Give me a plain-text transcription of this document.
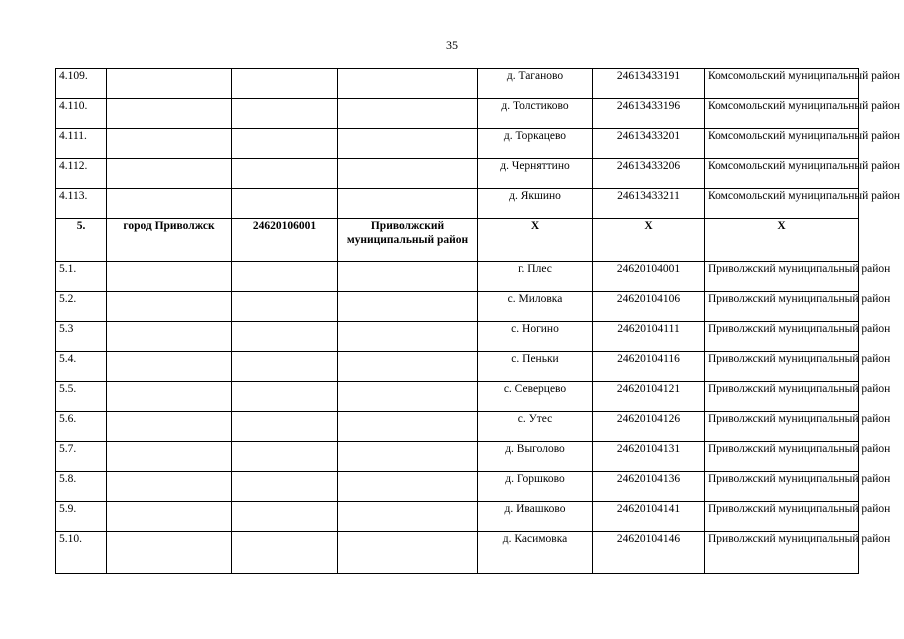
35
4.109.				д. Таганово	24613433191	Комсомольский муниципальный район
4.110.				д. Толстиково	24613433196	Комсомольский муниципальный район
4.111.				д. Торкацево	24613433201	Комсомольский муниципальный район
4.112.				д. Черняттино	24613433206	Комсомольский муниципальный район
4.113.				д. Якшино	24613433211	Комсомольский муниципальный район
5.	город Приволжск	24620106001	Приволжский муниципальный район	X	X	X
5.1.				г. Плес	24620104001	Приволжский муниципальный район
5.2.				с. Миловка	24620104106	Приволжский муниципальный район
5.3				с. Ногино	24620104111	Приволжский муниципальный район
5.4.				с. Пеньки	24620104116	Приволжский муниципальный район
5.5.				с. Северцево	24620104121	Приволжский муниципальный район
5.6.				с. Утес	24620104126	Приволжский муниципальный район
5.7.				д. Выголово	24620104131	Приволжский муниципальный район
5.8.				д. Горшково	24620104136	Приволжский муниципальный район
5.9.				д. Ивашково	24620104141	Приволжский муниципальный район
5.10.				д. Касимовка	24620104146	Приволжский муниципальный район
